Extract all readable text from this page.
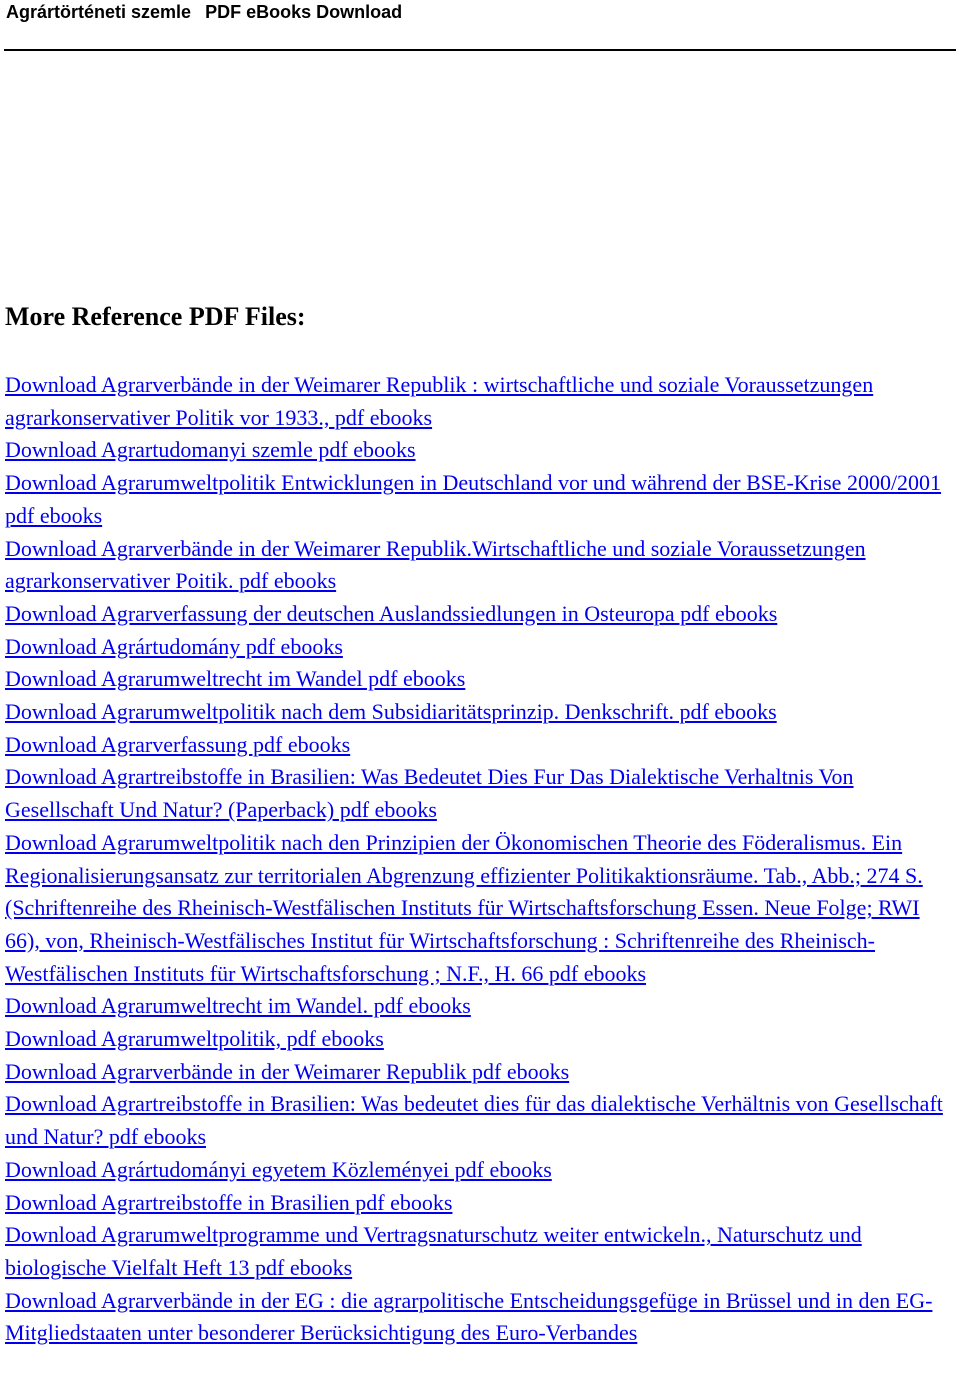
Agrártörténeti szemle PDF eBooks Download
More Reference PDF Files:
Download Agrarverbände in der Weimarer Republik : wirtschaftliche und soziale Voraussetzungen agrarkonservativer Politik vor 1933., pdf ebooks
Download Agrartudomanyi szemle pdf ebooks
Download Agrarumweltpolitik Entwicklungen in Deutschland vor und während der BSE-Krise 2000/2001 pdf ebooks
Download Agrarverbände in der Weimarer Republik.Wirtschaftliche und soziale Voraussetzungen agrarkonservativer Poitik. pdf ebooks
Download Agrarverfassung der deutschen Auslandssiedlungen in Osteuropa pdf ebooks
Download Agrártudomány pdf ebooks
Download Agrarumweltrecht im Wandel pdf ebooks
Download Agrarumweltpolitik nach dem Subsidiaritätsprinzip. Denkschrift. pdf ebooks
Download Agrarverfassung pdf ebooks
Download Agrartreibstoffe in Brasilien: Was Bedeutet Dies Fur Das Dialektische Verhaltnis Von Gesellschaft Und Natur? (Paperback) pdf ebooks
Download Agrarumweltpolitik nach den Prinzipien der Ökonomischen Theorie des Föderalismus. Ein Regionalisierungsansatz zur territorialen Abgrenzung effizienter Politikaktionsräume. Tab., Abb.; 274 S. (Schriftenreihe des Rheinisch-Westfälischen Instituts für Wirtschaftsforschung Essen. Neue Folge; RWI 66), von, Rheinisch-Westfälisches Institut für Wirtschaftsforschung : Schriftenreihe des Rheinisch-Westfälischen Instituts für Wirtschaftsforschung ; N.F., H. 66 pdf ebooks
Download Agrarumweltrecht im Wandel. pdf ebooks
Download Agrarumweltpolitik, pdf ebooks
Download Agrarverbände in der Weimarer Republik pdf ebooks
Download Agrartreibstoffe in Brasilien: Was bedeutet dies für das dialektische Verhältnis von Gesellschaft und Natur? pdf ebooks
Download Agrártudományi egyetem Közleményei pdf ebooks
Download Agrartreibstoffe in Brasilien pdf ebooks
Download Agrarumweltprogramme und Vertragsnaturschutz weiter entwickeln., Naturschutz und biologische Vielfalt Heft 13 pdf ebooks
Download Agrarverbände in der EG : die agrarpolitische Entscheidungsgefüge in Brüssel und in den EG-Mitgliedstaaten unter besonderer Berücksichtigung des Euro-Verbandes
